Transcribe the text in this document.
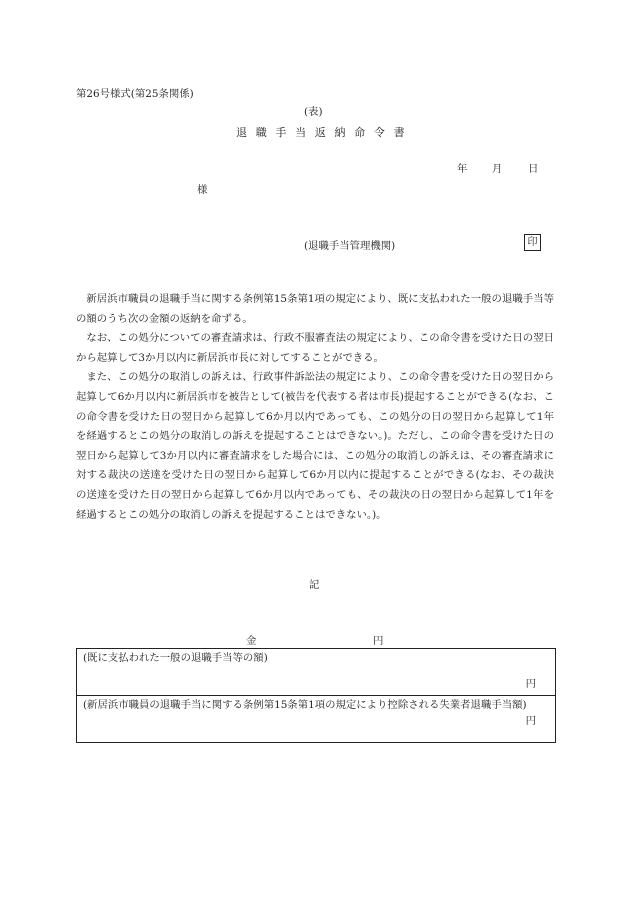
第26号様式(第25条関係)
(表)
退 職 手 当 返 納 命 令 書
年 月 日
様
(退職手当管理機関)	印

新居浜市職員の退職手当に関する条例第15条第1項の規定により、既に支払われた一般の退職手当等の額のうち次の金額の返納を命ずる。

なお、この処分についての審査請求は、行政不服審査法の規定により、この命令書を受けた日の翌日から起算して3か月以内に新居浜市長に対してすることができる。

また、この処分の取消しの訴えは、行政事件訴訟法の規定により、この命令書を受けた日の翌日から起算して6か月以内に新居浜市を被告として(被告を代表する者は市長)提起することができる(なお、この命令書を受けた日の翌日から起算して6か月以内であっても、この処分の日の翌日から起算して1年を経過するとこの処分の取消しの訴えを提起することはできない。)。ただし、この命令書を受けた日の翌日から起算して3か月以内に審査請求をした場合には、この処分の取消しの訴えは、その審査請求に対する裁決の送達を受けた日の翌日から起算して6か月以内に提起することができる(なお、その裁決の送達を受けた日の翌日から起算して6か月以内であっても、その裁決の日の翌日から起算して1年を経過するとこの処分の取消しの訴えを提起することはできない。)。

記
金	円
(既に支払われた一般の退職手当等の額)
円

(新居浜市職員の退職手当に関する条例第15条第1項の規定により控除される失業者退職手当額)
円
